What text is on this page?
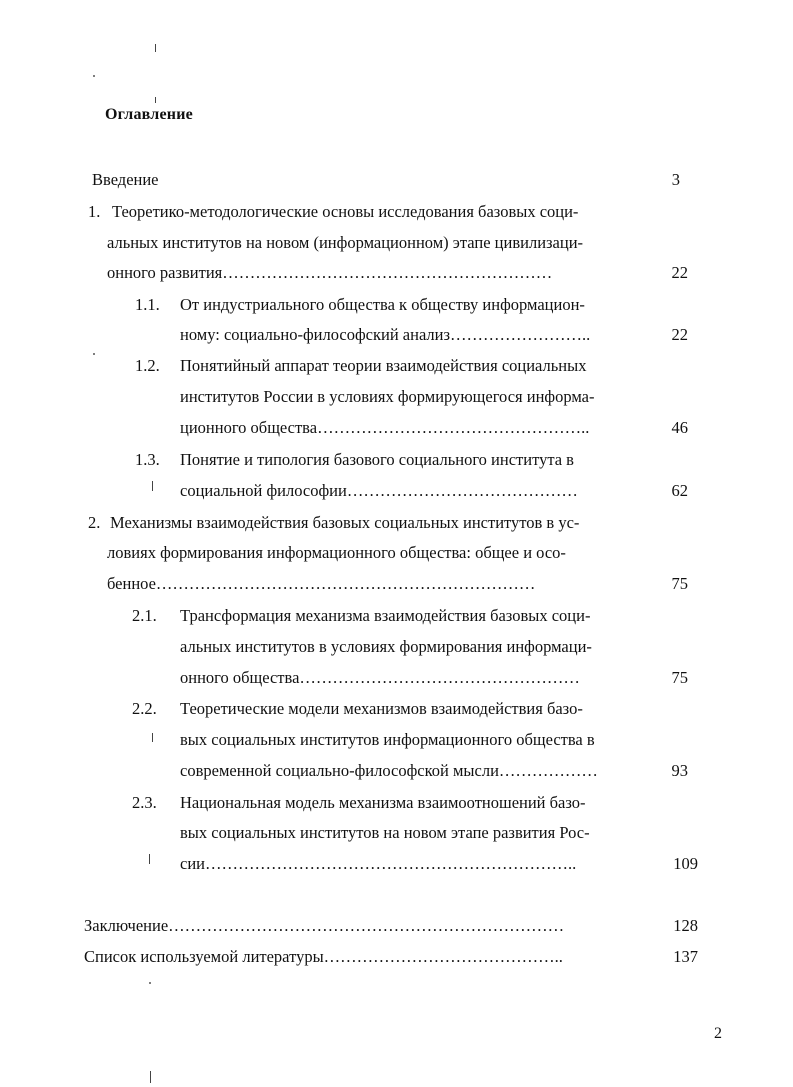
Оглавление
Введение	3
1. Теоретико-методологические основы исследования базовых соци-
альных институтов на новом (информационном) этапе цивилизаци-
онного развития……………………………………………………	22
1.1. От индустриального общества к обществу информацион-
ному: социально-философский анализ……………………..	22
1.2. Понятийный аппарат теории взаимодействия социальных
институтов России в условиях формирующегося информа-
ционного общества…………………………………………..	46
1.3. Понятие и типология базового социального института в
социальной философии……………………………………	62
2. Механизмы взаимодействия базовых социальных институтов в ус-
ловиях формирования информационного общества: общее и осо-
бенное……………………………………………………………	75
2.1. Трансформация механизма взаимодействия базовых соци-
альных институтов в условиях формирования информаци-
онного общества……………………………………………	75
2.2. Теоретические модели механизмов взаимодействия базо-
вых социальных институтов информационного общества в
современной социально-философской мысли………………	93
2.3. Национальная модель механизма взаимоотношений базо-
вых социальных институтов на новом этапе развития Рос-
сии…………………………………………………………..	109
Заключение………………………………………………………………	128
Список используемой литературы……………………………………..	137
2
